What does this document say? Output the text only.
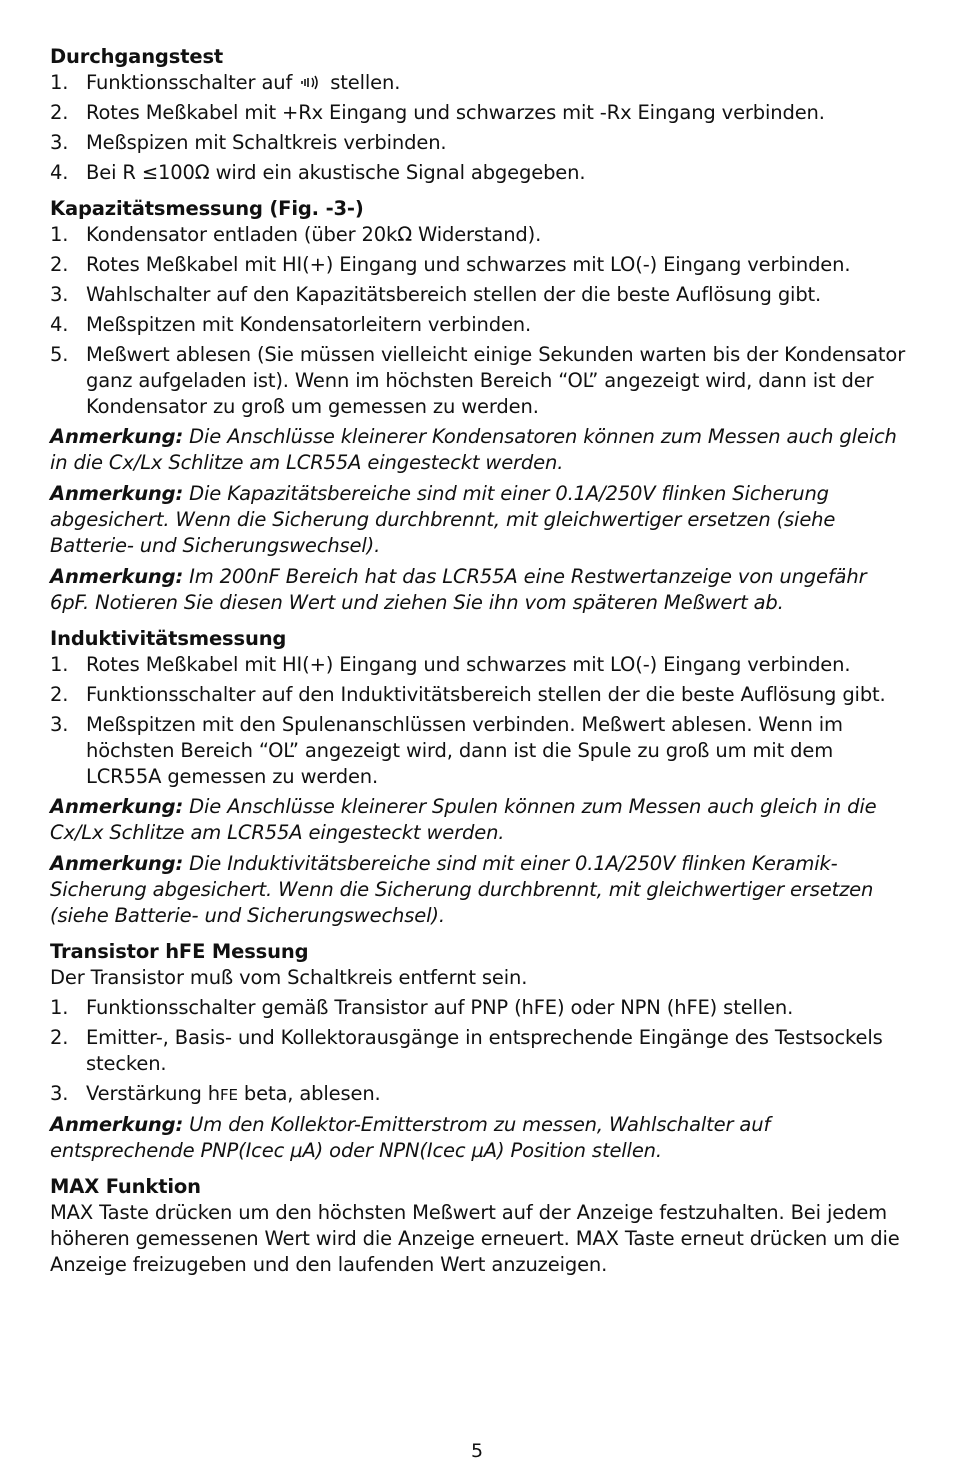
Durchgangstest

1. Funktionsschalter auf stellen.
2. Rotes Meßkabel mit +Rx Eingang und schwarzes mit -Rx Eingang verbinden.
3. Meßspizen mit Schaltkreis verbinden.
4. Bei R ≤100Ω wird ein akustische Signal abgegeben.

Kapazitätsmessung (Fig. -3-)

1. Kondensator entladen (über 20kΩ Widerstand).
2. Rotes Meßkabel mit HI(+) Eingang und schwarzes mit LO(-) Eingang verbinden.
3. Wahlschalter auf den Kapazitätsbereich stellen der die beste Auflösung gibt.
4. Meßspitzen mit Kondensatorleitern verbinden.
5. Meßwert ablesen (Sie müssen vielleicht einige Sekunden warten bis der Kondensator ganz aufgeladen ist). Wenn im höchsten Bereich “OL” angezeigt wird, dann ist der Kondensator zu groß um gemessen zu werden.

Anmerkung: Die Anschlüsse kleinerer Kondensatoren können zum Messen auch gleich in die Cx/Lx Schlitze am LCR55A eingesteckt werden.

Anmerkung: Die Kapazitätsbereiche sind mit einer 0.1A/250V flinken Sicherung abgesichert. Wenn die Sicherung durchbrennt, mit gleichwertiger ersetzen (siehe Batterie- und Sicherungswechsel).

Anmerkung: Im 200nF Bereich hat das LCR55A eine Restwertanzeige von ungefähr 6pF. Notieren Sie diesen Wert und ziehen Sie ihn vom späteren Meßwert ab.

Induktivitätsmessung

1. Rotes Meßkabel mit HI(+) Eingang und schwarzes mit LO(-) Eingang verbinden.
2. Funktionsschalter auf den Induktivitätsbereich stellen der die beste Auflösung gibt.
3. Meßspitzen mit den Spulenanschlüssen verbinden. Meßwert ablesen. Wenn im höchsten Bereich “OL” angezeigt wird, dann ist die Spule zu groß um mit dem LCR55A gemessen zu werden.

Anmerkung: Die Anschlüsse kleinerer Spulen können zum Messen auch gleich in die Cx/Lx Schlitze am LCR55A eingesteckt werden.

Anmerkung: Die Induktivitätsbereiche sind mit einer 0.1A/250V flinken Keramik-Sicherung abgesichert. Wenn die Sicherung durchbrennt, mit gleichwertiger ersetzen (siehe Batterie- und Sicherungswechsel).

Transistor hFE Messung

Der Transistor muß vom Schaltkreis entfernt sein.

1. Funktionsschalter gemäß Transistor auf PNP (hFE) oder NPN (hFE) stellen.
2. Emitter-, Basis- und Kollektorausgänge in entsprechende Eingänge des Testsockels stecken.
3. Verstärkung hFE beta, ablesen.

Anmerkung: Um den Kollektor-Emitterstrom zu messen, Wahlschalter auf entsprechende PNP(Icec µA) oder NPN(Icec µA) Position stellen.

MAX Funktion

MAX Taste drücken um den höchsten Meßwert auf der Anzeige festzuhalten. Bei jedem höheren gemessenen Wert wird die Anzeige erneuert. MAX Taste erneut drücken um die Anzeige freizugeben und den laufenden Wert anzuzeigen.

5
